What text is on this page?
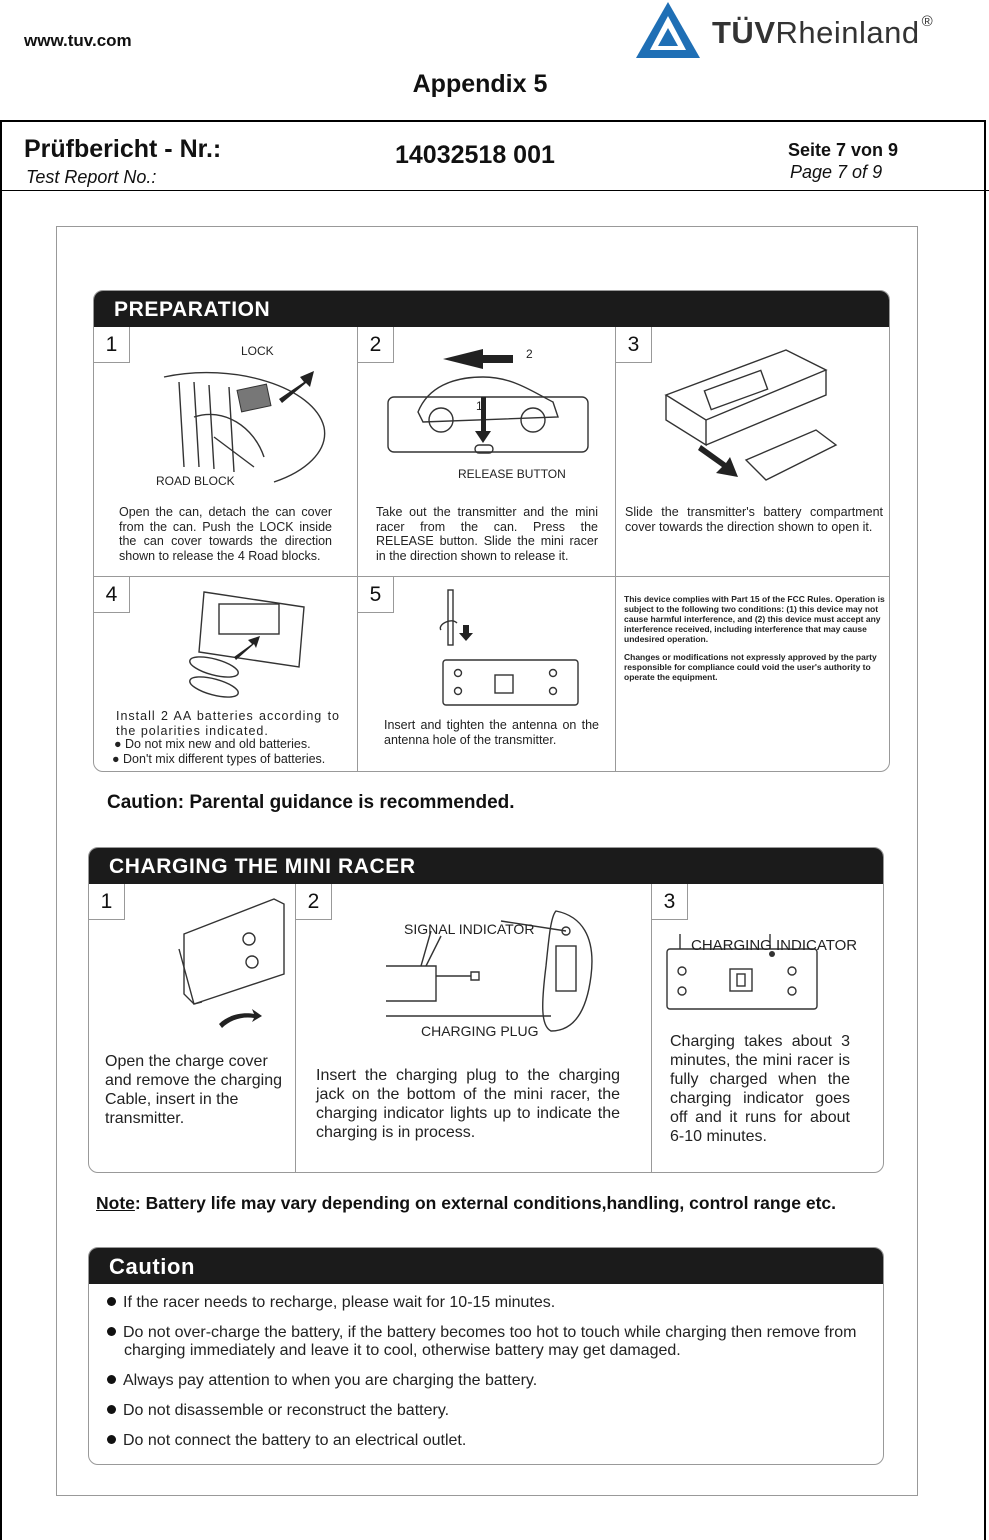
www.tuv.com	TÜVRheinland ®
Appendix 5
Prüfbericht - Nr.:
Test Report No.:
14032518 001	Seite 7 von 9
Page 7 of 9
PREPARATION
1	LOCK
ROAD BLOCK
Open the can, detach the can cover from the can. Push the LOCK inside the can cover towards the direction shown to release the 4 Road blocks.
2	2
1
RELEASE BUTTON
Take out the transmitter and the mini racer from the can. Press the RELEASE button. Slide the mini racer in the direction shown to release it.
3
Slide the transmitter's battery compartment cover towards the direction shown to open it.
4
Install 2 AA batteries according to the polarities indicated.
● Do not mix new and old batteries.
● Don't mix different types of batteries.
5
Insert and tighten the antenna on the antenna hole of the transmitter.
This device complies with Part 15 of the FCC Rules. Operation is subject to the following two conditions: (1) this device may not cause harmful interference, and (2) this device must accept any interference received, including interference that may cause undesired operation.
Changes or modifications not expressly approved by the party responsible for compliance could void the user's authority to operate the equipment.
Caution: Parental guidance is recommended.
CHARGING THE MINI RACER
1
Open the charge cover and remove the charging Cable, insert in the transmitter.
2
SIGNAL INDICATOR
CHARGING PLUG
Insert the charging plug to the charging jack on the bottom of the mini racer, the charging indicator lights up to indicate the charging is in process.
3
CHARGING INDICATOR
Charging takes about 3 minutes, the mini racer is fully charged when the charging indicator goes off and it runs for about 6-10 minutes.
Note: Battery life may vary depending on external conditions,handling, control range etc.
Caution
If the racer needs to recharge, please wait for 10-15 minutes.
Do not over-charge the battery, if the battery becomes too hot to touch while charging then remove from charging immediately and leave it to cool, otherwise battery may get damaged.
Always pay attention to when you are charging the battery.
Do not disassemble or reconstruct the battery.
Do not connect the battery to an electrical outlet.
